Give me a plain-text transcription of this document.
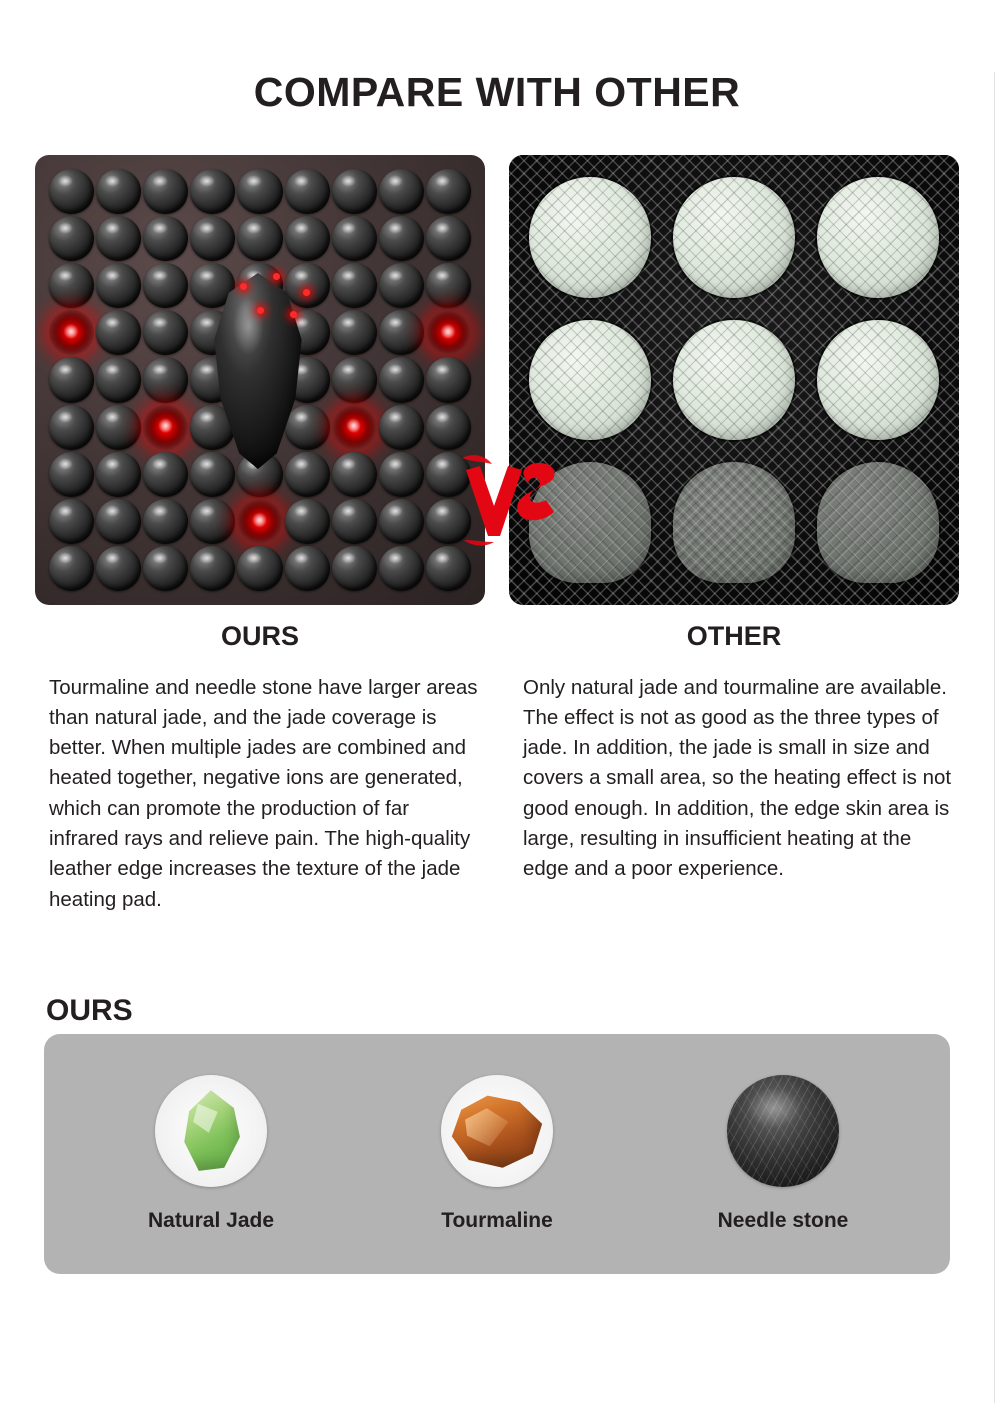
COMPARE WITH OTHER
OURS

Tourmaline and needle stone have larger areas than natural jade, and the jade coverage is better. When multiple jades are combined and heated together, negative ions are generated, which can promote the production of far infrared rays and relieve pain. The high-quality leather edge increases the texture of the jade heating pad.

OTHER

Only natural jade and tourmaline are available. The effect is not as good as the three types of jade. In addition, the jade is small in size and covers a small area, so the heating effect is not good enough. In addition, the edge skin area is large, resulting in insufficient heating at the edge and a poor experience.

OURS
Natural Jade	Tourmaline	Needle stone
